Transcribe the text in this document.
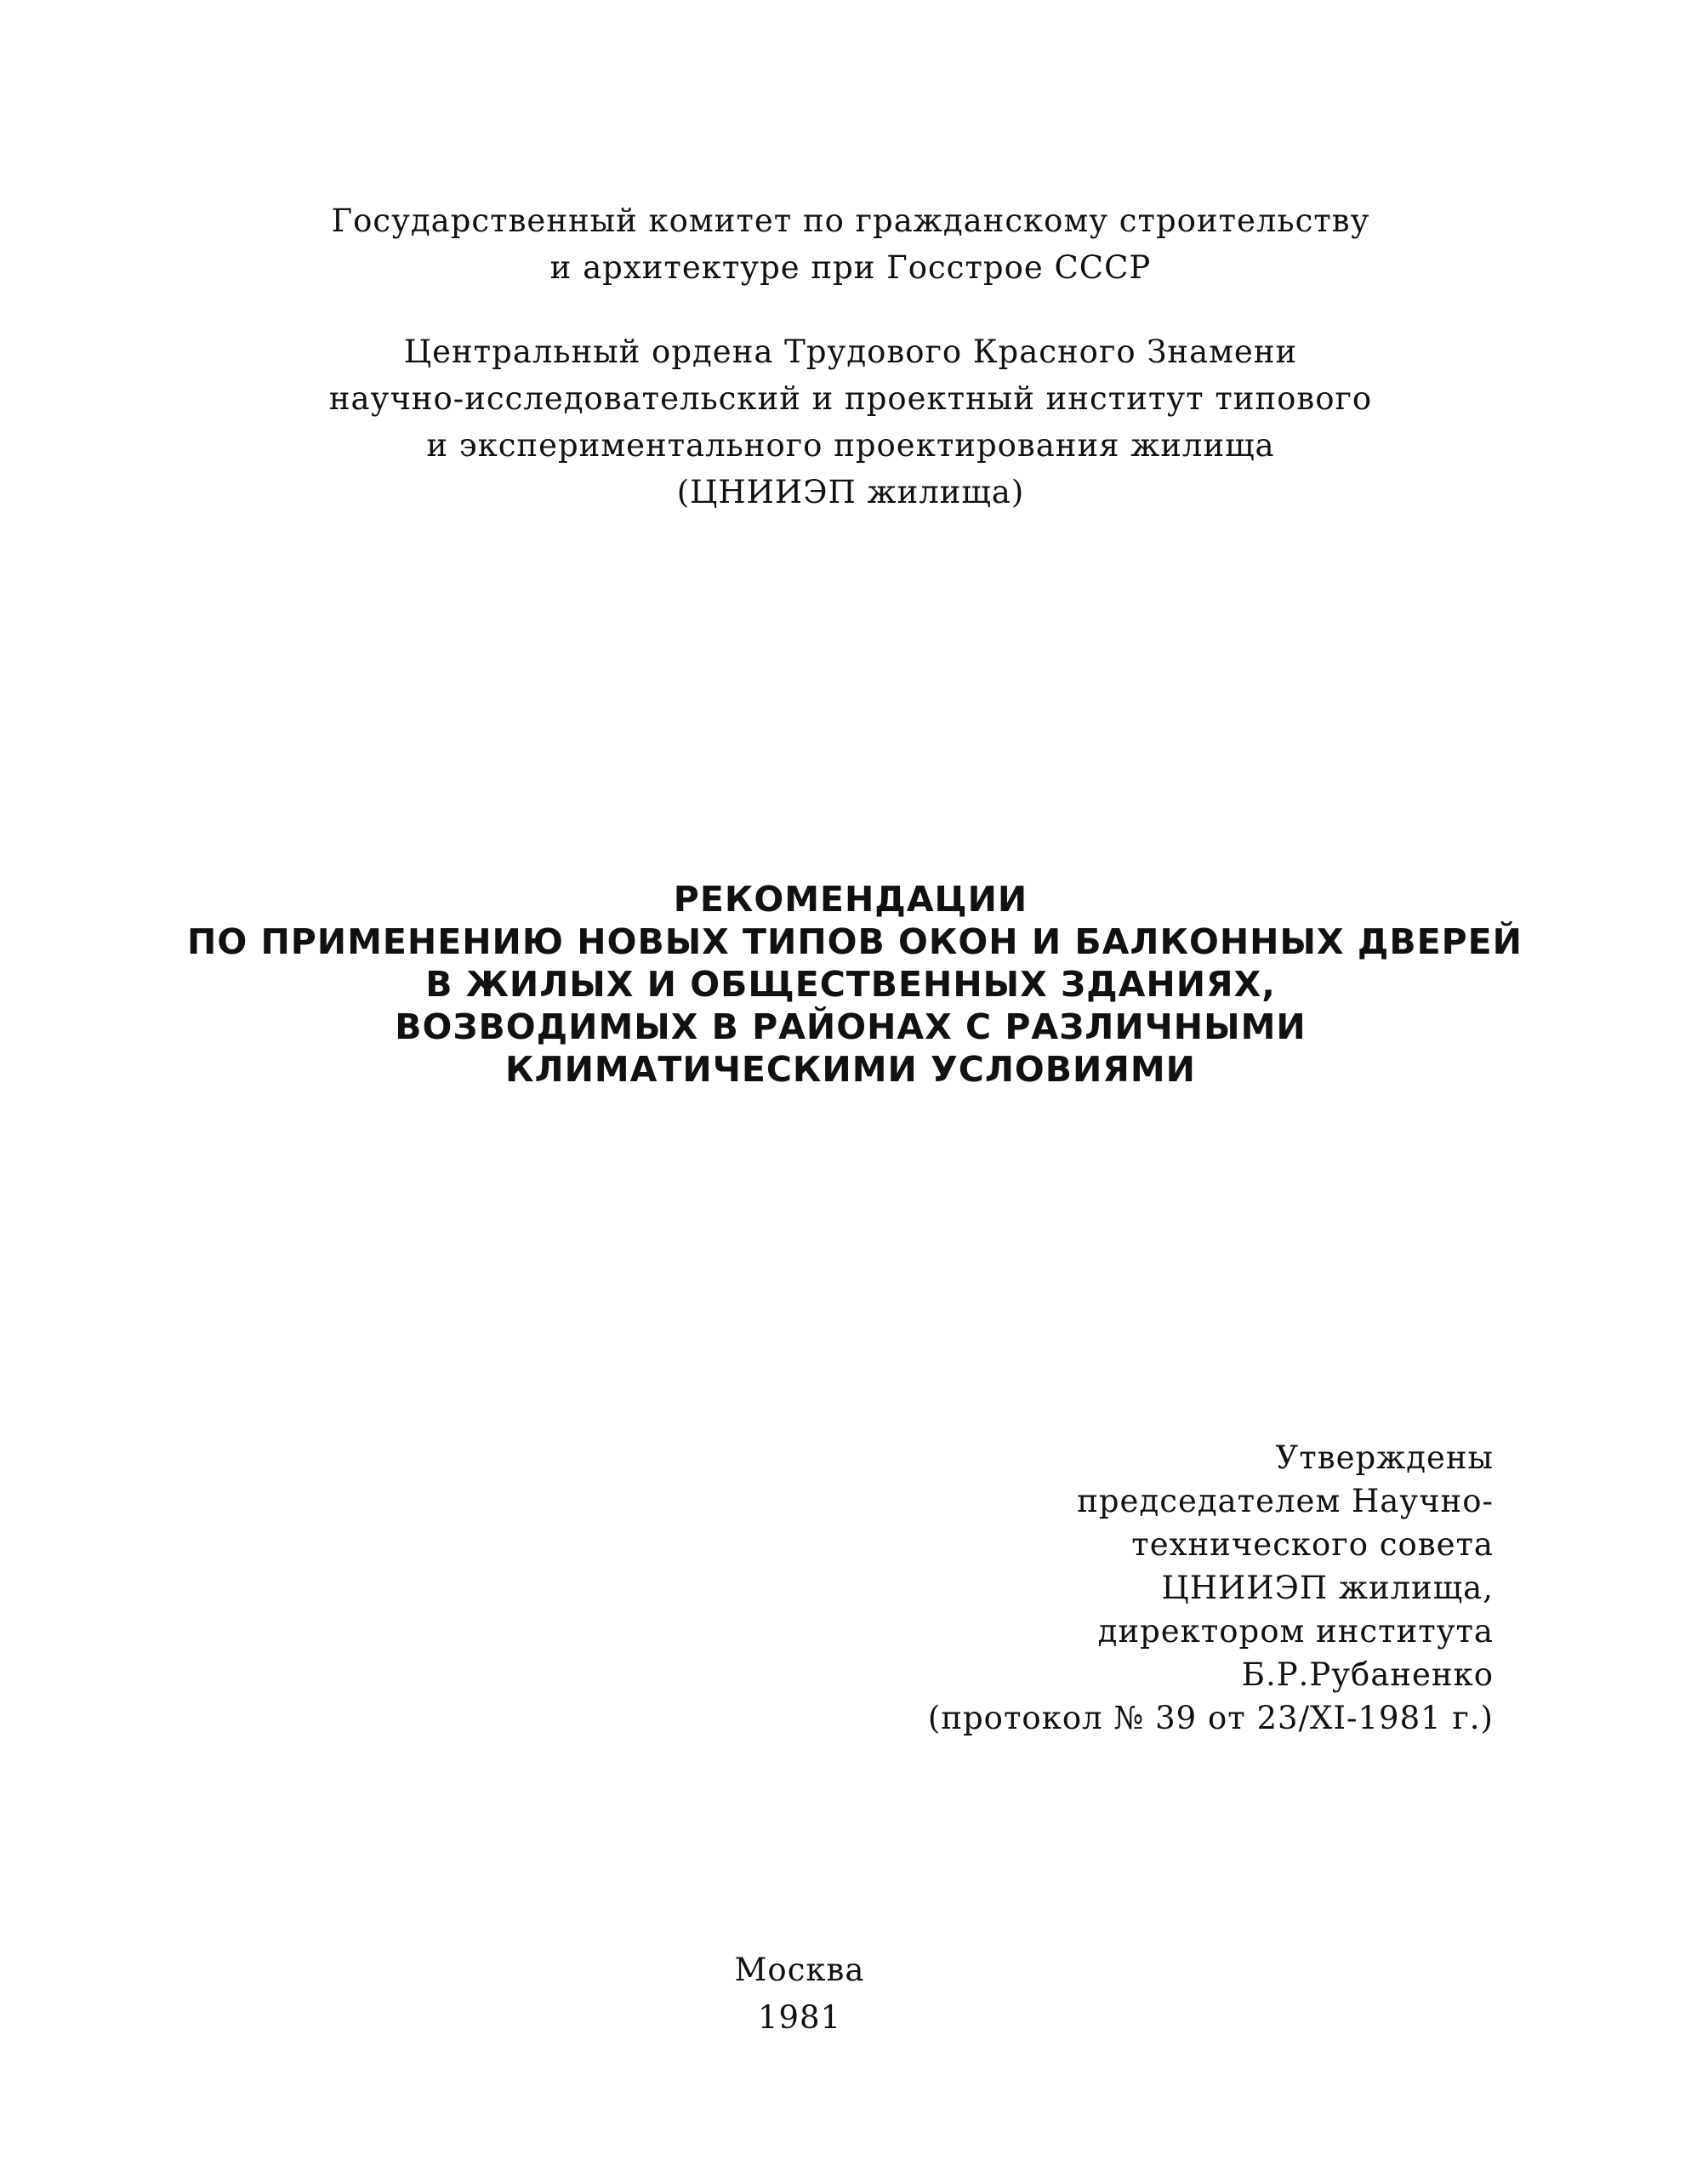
Государственный комитет по гражданскому строительству
и архитектуре при Госстрое СССР
Центральный ордена Трудового Красного Знамени
научно-исследовательский и проектный институт типового
и экспериментального проектирования жилища
(ЦНИИЭП жилища)
РЕКОМЕНДАЦИИ
ПО ПРИМЕНЕНИЮ НОВЫХ ТИПОВ ОКОН И БАЛКОННЫХ ДВЕРЕЙ
В ЖИЛЫХ И ОБЩЕСТВЕННЫХ ЗДАНИЯХ,
ВОЗВОДИМЫХ В РАЙОНАХ С РАЗЛИЧНЫМИ
КЛИМАТИЧЕСКИМИ УСЛОВИЯМИ
Утверждены
председателем Научно-
технического совета
ЦНИИЭП жилища,
директором института
Б.Р.Рубаненко
(протокол № 39 от 23/XI-1981 г.)
Москва
1981
